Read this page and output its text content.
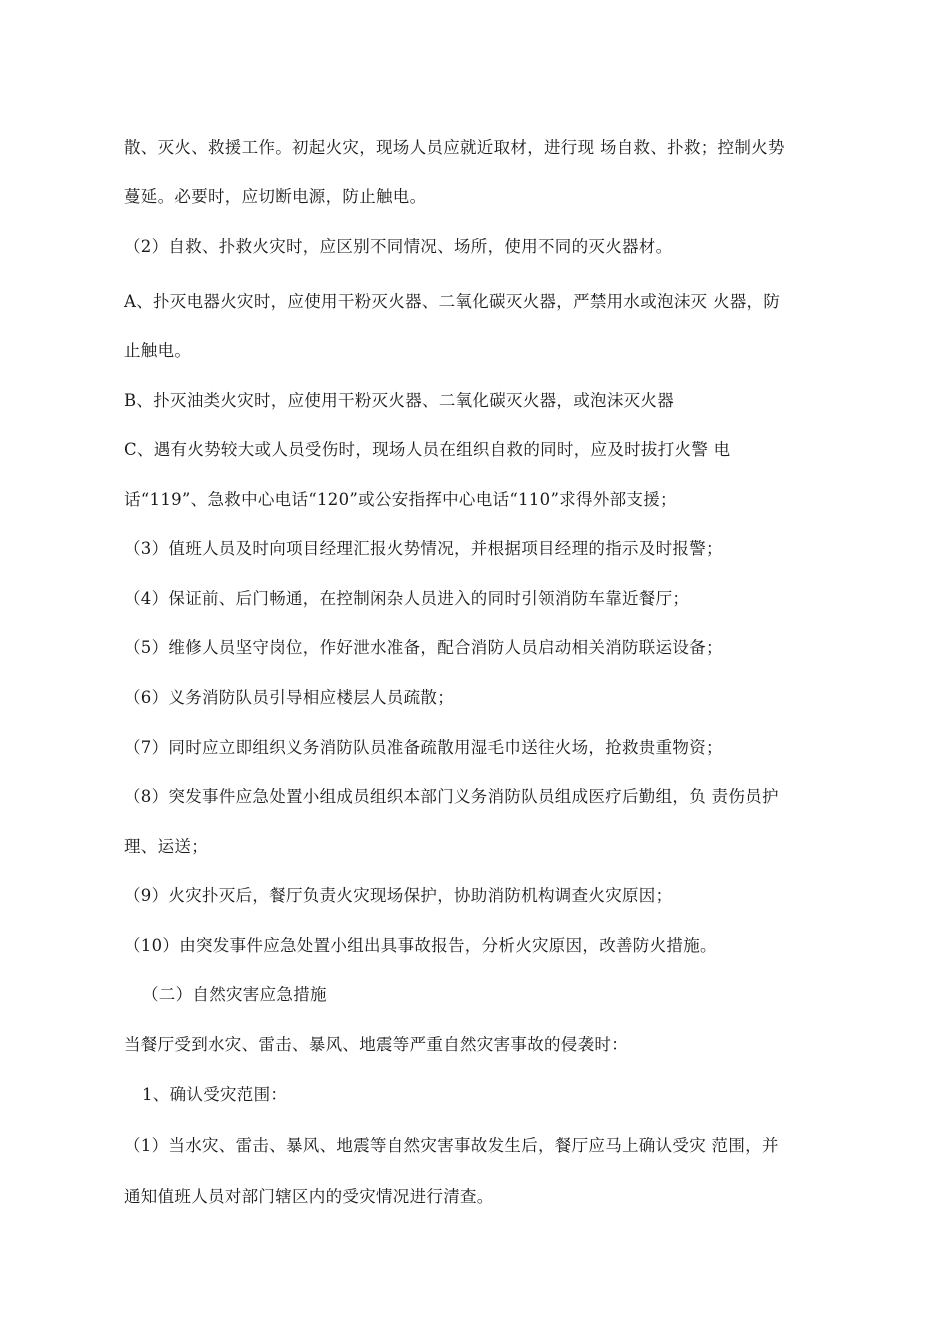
散、灭火、救援工作。初起火灾，现场人员应就近取材，进行现 场自救、扑救；控制火势
蔓延。必要时，应切断电源，防止触电。
（2）自救、扑救火灾时，应区别不同情况、场所，使用不同的灭火器材。
A、扑灭电器火灾时，应使用干粉灭火器、二氧化碳灭火器，严禁用水或泡沫灭 火器，防
止触电。
B、扑灭油类火灾时，应使用干粉灭火器、二氧化碳灭火器，或泡沫灭火器
C、遇有火势较大或人员受伤时，现场人员在组织自救的同时，应及时拔打火警 电
话“119”、急救中心电话“120”或公安指挥中心电话“110”求得外部支援；
（3）值班人员及时向项目经理汇报火势情况，并根据项目经理的指示及时报警；
（4）保证前、后门畅通，在控制闲杂人员进入的同时引领消防车靠近餐厅；
（5）维修人员坚守岗位，作好泄水准备，配合消防人员启动相关消防联运设备；
（6）义务消防队员引导相应楼层人员疏散；
（7）同时应立即组织义务消防队员准备疏散用湿毛巾送往火场，抢救贵重物资；
（8）突发事件应急处置小组成员组织本部门义务消防队员组成医疗后勤组，负 责伤员护
理、运送；
（9）火灾扑灭后，餐厅负责火灾现场保护，协助消防机构调查火灾原因；
（10）由突发事件应急处置小组出具事故报告，分析火灾原因，改善防火措施。
（二）自然灾害应急措施
当餐厅受到水灾、雷击、暴风、地震等严重自然灾害事故的侵袭时：
1、确认受灾范围：
（1）当水灾、雷击、暴风、地震等自然灾害事故发生后，餐厅应马上确认受灾 范围，并
通知值班人员对部门辖区内的受灾情况进行清查。
